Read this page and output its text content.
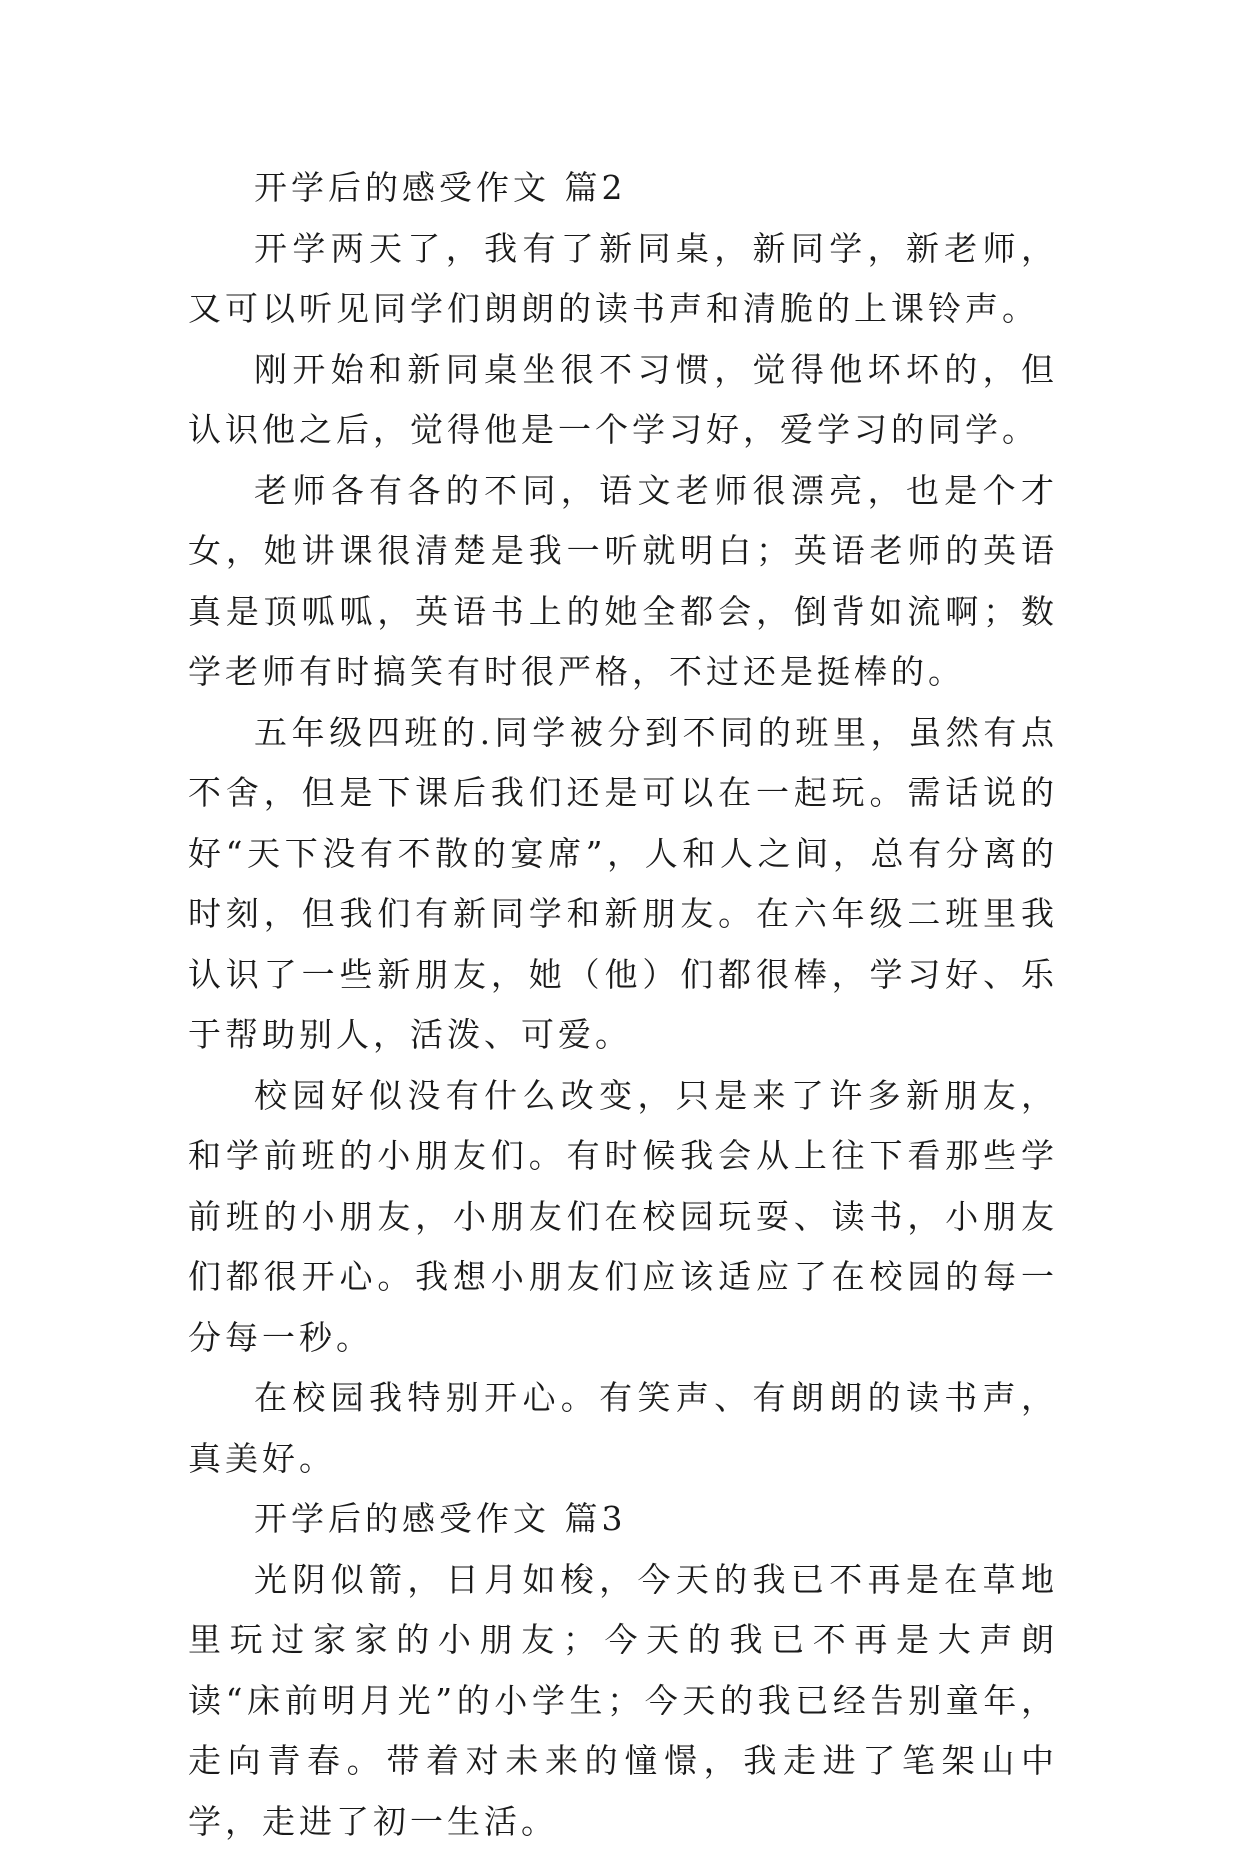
开学后的感受作文 篇2

开学两天了，我有了新同桌，新同学，新老师，又可以听见同学们朗朗的读书声和清脆的上课铃声。

刚开始和新同桌坐很不习惯，觉得他坏坏的，但认识他之后，觉得他是一个学习好，爱学习的同学。

老师各有各的不同，语文老师很漂亮，也是个才女，她讲课很清楚是我一听就明白；英语老师的英语真是顶呱呱，英语书上的她全都会，倒背如流啊；数学老师有时搞笑有时很严格，不过还是挺棒的。

五年级四班的.同学被分到不同的班里，虽然有点不舍，但是下课后我们还是可以在一起玩。需话说的好“天下没有不散的宴席”，人和人之间，总有分离的时刻，但我们有新同学和新朋友。在六年级二班里我认识了一些新朋友，她（他）们都很棒，学习好、乐于帮助别人，活泼、可爱。

校园好似没有什么改变，只是来了许多新朋友，和学前班的小朋友们。有时候我会从上往下看那些学前班的小朋友，小朋友们在校园玩耍、读书，小朋友们都很开心。我想小朋友们应该适应了在校园的每一分每一秒。

在校园我特别开心。有笑声、有朗朗的读书声，真美好。

开学后的感受作文 篇3

光阴似箭，日月如梭，今天的我已不再是在草地里玩过家家的小朋友；今天的我已不再是大声朗读“床前明月光”的小学生；今天的我已经告别童年，走向青春。带着对未来的憧憬，我走进了笔架山中学，走进了初一生活。
